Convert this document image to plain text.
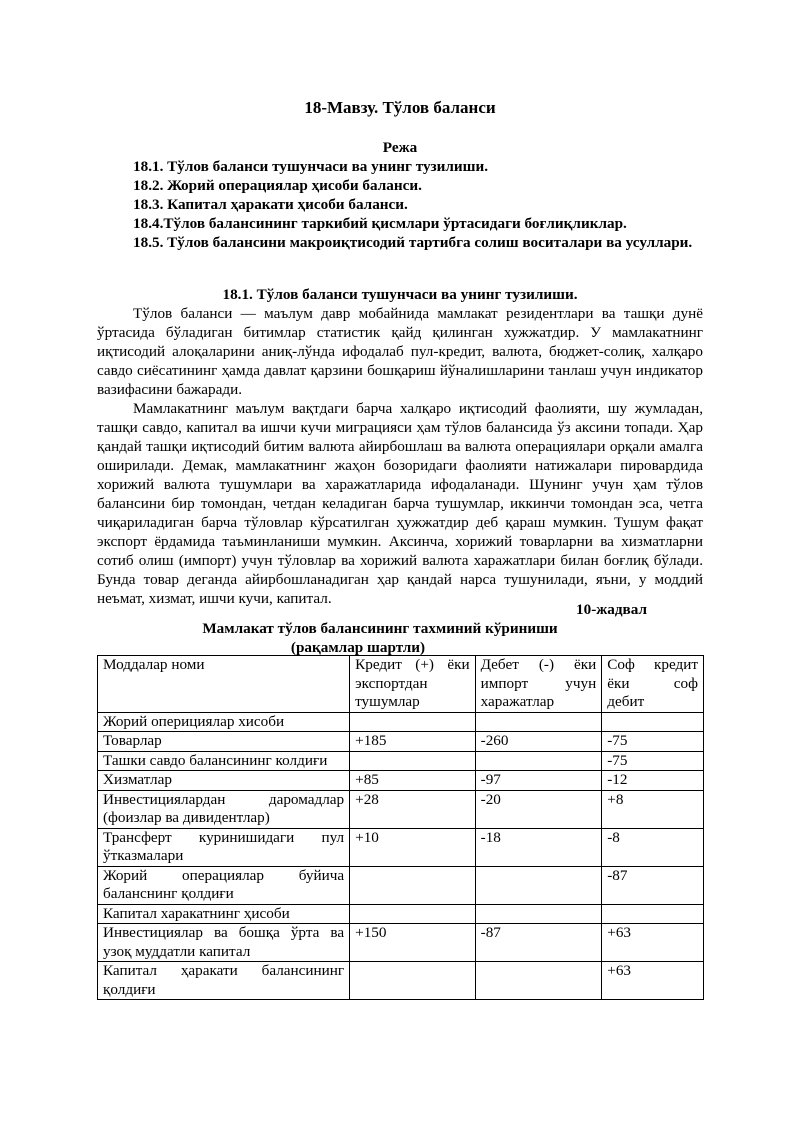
18-Мавзу. Тўлов баланси
Режа
18.1. Тўлов баланси тушунчаси ва унинг тузилиши.
18.2. Жорий операциялар ҳисоби баланси.
18.3. Капитал ҳаракати ҳисоби баланси.
18.4.Тўлов балансининг таркибий қисмлари ўртасидаги боғлиқликлар.
18.5. Тўлов балансини макроиқтисодий тартибга солиш воситалари ва усуллари.
18.1. Тўлов баланси тушунчаси ва унинг тузилиши.

Тўлов баланси — маълум давр мобайнида мамлакат резидентлари ва ташқи дунё ўртасида бўладиган битимлар статистик қайд қилинган хужжатдир. У мамлакатнинг иқтисодий алоқаларини аниқ-лўнда ифодалаб пул-кредит, валюта, бюджет-солиқ, халқаро савдо сиёсатининг ҳамда давлат қарзини бошқариш йўналишларини танлаш учун индикатор вазифасини бажаради.

Мамлакатнинг маълум вақтдаги барча халқаро иқтисодий фаолияти, шу жумладан, ташқи савдо, капитал ва ишчи кучи миграцияси ҳам тўлов балансида ўз аксини топади. Ҳар қандай ташқи иқтисодий битим валюта айирбошлаш ва валюта операциялари орқали амалга оширилади. Демак, мамлакатнинг жаҳон бозоридаги фаолияти натижалари пировардида хорижий валюта тушумлари ва харажатларида ифодаланади. Шунинг учун ҳам тўлов балансини бир томондан, четдан келадиган барча тушумлар, иккинчи томондан эса, четга чиқариладиган барча тўловлар кўрсатилган ҳужжатдир деб қараш мумкин. Тушум фақат экспорт ёрдамида таъминланиши мумкин. Аксинча, хорижий товарларни ва хизматларни сотиб олиш (импорт) учун тўловлар ва хорижий валюта харажатлари билан боғлиқ бўлади. Бунда товар деганда айирбошланадиган ҳар қандай нарса тушунилади, яъни, у моддий неъмат, хизмат, ишчи кучи, капитал.

10-жадвал
Мамлакат тўлов балансининг тахминий кўриниши
(рақамлар шартли)
Моддалар номи	Кредит (+) ёки экспортдан тушумлар	Дебет (-) ёки импорт учун харажатлар	Соф кредит ёки соф дебит
Жорий оперициялар хисоби			
Товарлар	+185	-260	-75
Ташки савдо балансининг колдиғи			-75
Хизматлар	+85	-97	-12
Инвестициялардан даромадлар (фоизлар ва дивидентлар)	+28	-20	+8
Трансферт куринишидаги пул ўтказмалари	+10	-18	-8
Жорий операциялар буйича баланснинг қолдиғи			-87
Капитал харакатнинг ҳисоби			
Инвестициялар ва бошқа ўрта ва узоқ муддатли капитал	+150	-87	+63
Капитал ҳаракати балансининг қолдиғи			+63
